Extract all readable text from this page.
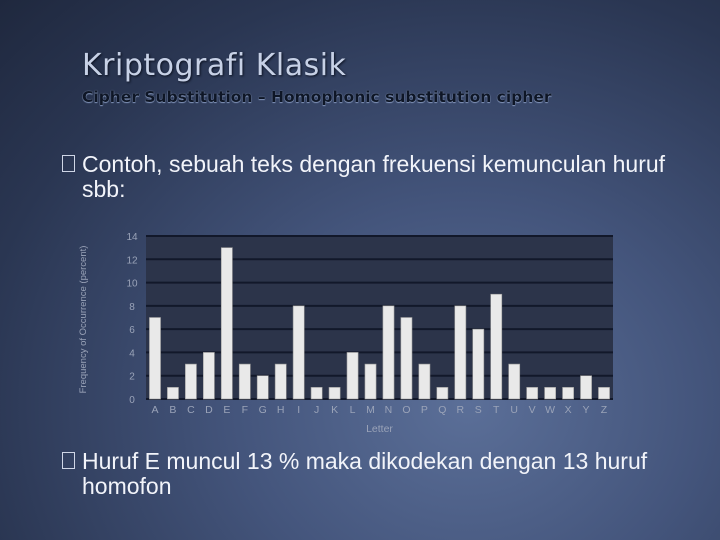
Kriptografi Klasik
Cipher Substitution – Homophonic substitution cipher
Contoh, sebuah teks dengan frekuensi kemunculan huruf sbb:
0
2
4
6
8
10
12
14
A B C D E F G H I J K L M N O P Q R S T U V W X Y Z
Letter
Frequency of Occurrence (percent)
Huruf E muncul 13 % maka dikodekan dengan 13 huruf homofon
